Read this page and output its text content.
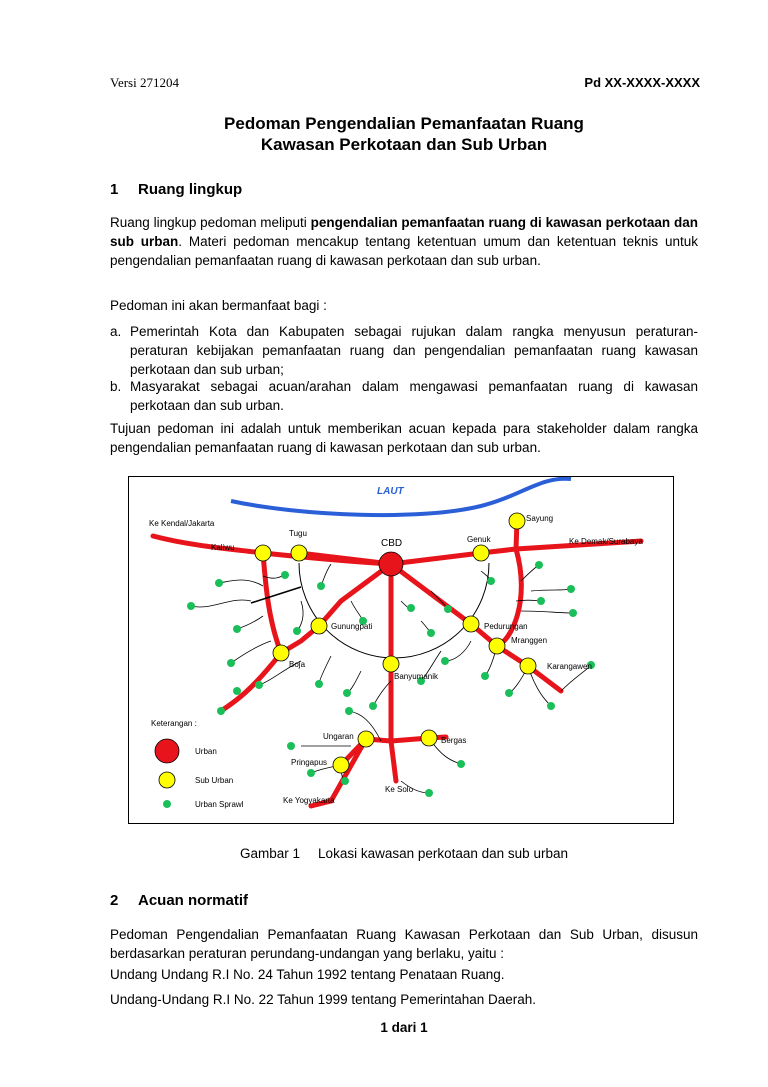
Versi 271204	Pd XX-XXXX-XXXX
Pedoman Pengendalian Pemanfaatan Ruang
Kawasan Perkotaan dan Sub Urban
1 Ruang lingkup
Ruang lingkup pedoman meliputi pengendalian pemanfaatan ruang di kawasan perkotaan dan sub urban. Materi pedoman mencakup tentang ketentuan umum dan ketentuan teknis untuk pengendalian pemanfaatan ruang di kawasan perkotaan dan sub urban.
Pedoman ini akan bermanfaat bagi :
a. Pemerintah Kota dan Kabupaten sebagai rujukan dalam rangka menyusun peraturan-peraturan kebijakan pemanfaatan ruang dan pengendalian pemanfaatan ruang kawasan perkotaan dan sub urban;
b. Masyarakat sebagai acuan/arahan dalam mengawasi pemanfaatan ruang di kawasan perkotaan dan sub urban.
Tujuan pedoman ini adalah untuk memberikan acuan kepada para stakeholder dalam rangka pengendalian pemanfaatan ruang di kawasan perkotaan dan sub urban.
LAUT
Ke Kendal/Jakarta
Ke Demak/Surabaya
Ke Yogyakarta
Ke Solo
CBD
Sayung
Tugu
Kaliwu
Genuk
Gunungpati	Pedurungan
Mranggen
Karangawen
Boja
Banyumanik
Ungaran	Bergas
Pringapus
Keterangan :
Urban
Sub Urban
Urban Sprawl
Gambar 1 Lokasi kawasan perkotaan dan sub urban
2 Acuan normatif
Pedoman Pengendalian Pemanfaatan Ruang Kawasan Perkotaan dan Sub Urban, disusun berdasarkan peraturan perundang-undangan yang berlaku, yaitu :
Undang Undang R.I No. 24 Tahun 1992 tentang Penataan Ruang.
Undang-Undang R.I No. 22 Tahun 1999 tentang Pemerintahan Daerah.
1 dari 1
